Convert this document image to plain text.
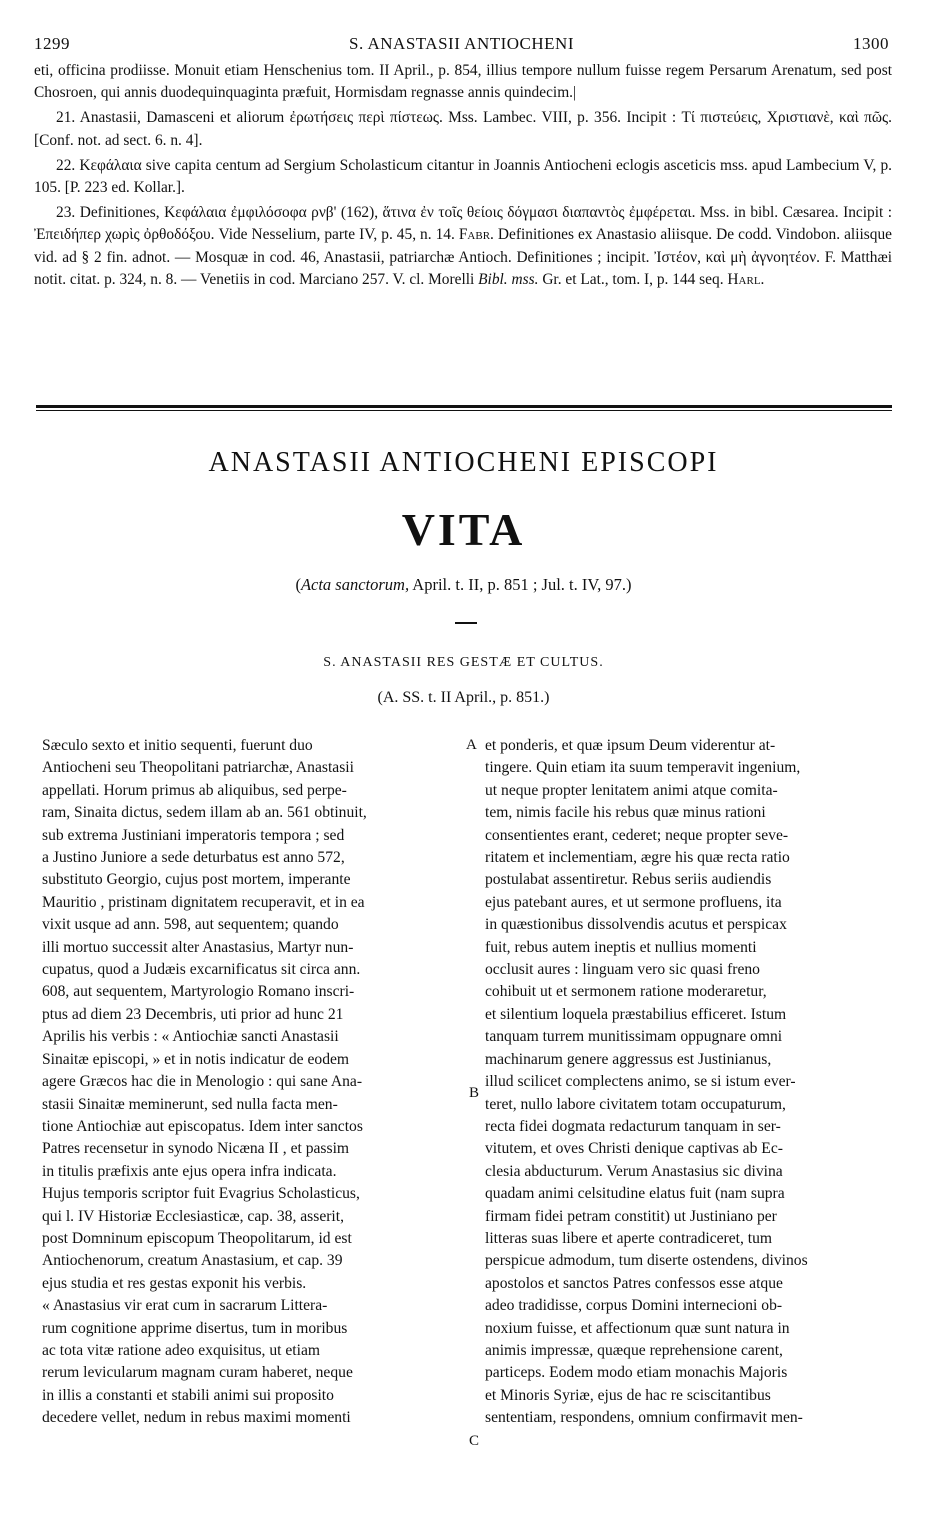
1299	S. ANASTASII ANTIOCHENI	1300

eti, officina prodiisse. Monuit etiam Henschenius tom. II April., p. 854, illius tempore nullum fuisse regem Persarum Arenatum, sed post Chosroen, qui annis duodequinquaginta præfuit, Hormisdam regnasse annis quindecim.|

21. Anastasii, Damasceni et aliorum ἐρωτήσεις περὶ πίστεως. Mss. Lambec. VIII, p. 356. Incipit : Τί πιστεύεις, Χριστιανὲ, καὶ πῶς. [Conf. not. ad sect. 6. n. 4].

22. Κεφάλαια sive capita centum ad Sergium Scholasticum citantur in Joannis Antiocheni eclogis asceticis mss. apud Lambecium V, p. 105. [P. 223 ed. Kollar.].

23. Definitiones, Κεφάλαια ἐμφιλόσοφα ρνβ' (162), ἅτινα ἐν τοῖς θείοις δόγμασι διαπαντὸς ἐμφέρεται. Mss. in bibl. Cæsarea. Incipit : Ἐπειδήπερ χωρὶς ὀρθοδόξου. Vide Nesselium, parte IV, p. 45, n. 14. Fabr. Definitiones ex Anastasio aliisque. De codd. Vindobon. aliisque vid. ad § 2 fin. adnot. — Mosquæ in cod. 46, Anastasii, patriarchæ Antioch. Definitiones ; incipit. Ἰστέον, καὶ μὴ ἀγνοητέον. F. Matthæi notit. citat. p. 324, n. 8. — Venetiis in cod. Marciano 257. V. cl. Morelli Bibl. mss. Gr. et Lat., tom. I, p. 144 seq. Harl.

ANASTASII ANTIOCHENI EPISCOPI
VITA
(Acta sanctorum, April. t. II, p. 851 ; Jul. t. IV, 97.)
S. ANASTASII RES GESTÆ ET CULTUS.
(A. SS. t. II April., p. 851.)
Sæculo sexto et initio sequenti, fuerunt duo
Antiocheni seu Theopolitani patriarchæ, Anastasii
appellati. Horum primus ab aliquibus, sed perpe-
ram, Sinaita dictus, sedem illam ab an. 561 obtinuit,
sub extrema Justiniani imperatoris tempora ; sed
a Justino Juniore a sede deturbatus est anno 572,
substituto Georgio, cujus post mortem, imperante
Mauritio , pristinam dignitatem recuperavit, et in ea
vixit usque ad ann. 598, aut sequentem; quando
illi mortuo successit alter Anastasius, Martyr nun-
cupatus, quod a Judæis excarnificatus sit circa ann.
608, aut sequentem, Martyrologio Romano inscri-
ptus ad diem 23 Decembris, uti prior ad hunc 21
Aprilis his verbis : « Antiochiæ sancti Anastasii
Sinaitæ episcopi, » et in notis indicatur de eodem
agere Græcos hac die in Menologio : qui sane Ana-
stasii Sinaitæ meminerunt, sed nulla facta men-
tione Antiochiæ aut episcopatus. Idem inter sanctos
Patres recensetur in synodo Nicæna II , et passim
in titulis præfixis ante ejus opera infra indicata.
Hujus temporis scriptor fuit Evagrius Scholasticus,
qui l. IV Historiæ Ecclesiasticæ, cap. 38, asserit,
post Domninum episcopum Theopolitarum, id est
Antiochenorum, creatum Anastasium, et cap. 39
ejus studia et res gestas exponit his verbis.
« Anastasius vir erat cum in sacrarum Littera-
rum cognitione apprime disertus, tum in moribus
ac tota vitæ ratione adeo exquisitus, ut etiam
rerum levicularum magnam curam haberet, neque
in illis a constanti et stabili animi sui proposito
decedere vellet, nedum in rebus maximi momenti
et ponderis, et quæ ipsum Deum viderentur at-
tingere. Quin etiam ita suum temperavit ingenium,
ut neque propter lenitatem animi atque comita-
tem, nimis facile his rebus quæ minus rationi
consentientes erant, cederet; neque propter seve-
ritatem et inclementiam, ægre his quæ recta ratio
postulabat assentiretur. Rebus seriis audiendis
ejus patebant aures, et ut sermone profluens, ita
in quæstionibus dissolvendis acutus et perspicax
fuit, rebus autem ineptis et nullius momenti
occlusit aures : linguam vero sic quasi freno
cohibuit ut et sermonem ratione moderaretur,
et silentium loquela præstabilius efficeret. Istum
tanquam turrem munitissimam oppugnare omni
machinarum genere aggressus est Justinianus,
illud scilicet complectens animo, se si istum ever-
teret, nullo labore civitatem totam occupaturum,
recta fidei dogmata redacturum tanquam in ser-
vitutem, et oves Christi denique captivas ab Ec-
clesia abducturum. Verum Anastasius sic divina
quadam animi celsitudine elatus fuit (nam supra
firmam fidei petram constitit) ut Justiniano per
litteras suas libere et aperte contradiceret, tum
perspicue admodum, tum diserte ostendens, divinos
apostolos et sanctos Patres confessos esse atque
adeo tradidisse, corpus Domini internecioni ob-
noxium fuisse, et affectionum quæ sunt natura in
animis impressæ, quæque reprehensione carent,
particeps. Eodem modo etiam monachis Majoris
et Minoris Syriæ, ejus de hac re sciscitantibus
sententiam, respondens, omnium confirmavit men-
A
B
C
